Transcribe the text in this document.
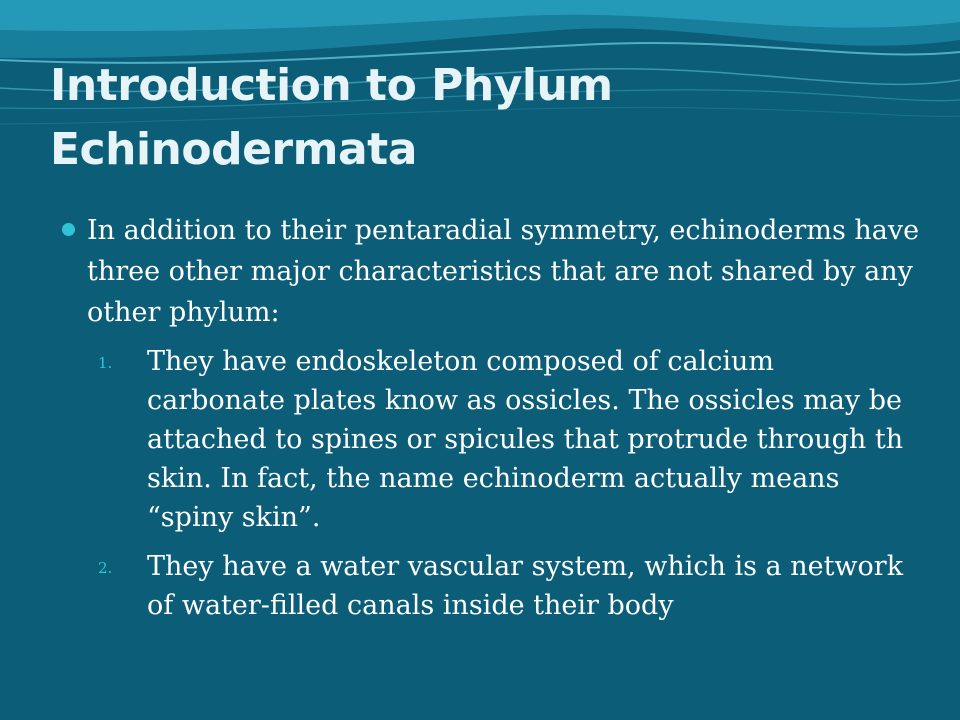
Introduction to Phylum
Echinodermata
In addition to their pentaradial symmetry, echinoderms have three other major characteristics that are not shared by any other phylum:
1. They have endoskeleton composed of calcium carbonate plates know as ossicles. The ossicles may be attached to spines or spicules that protrude through th skin. In fact, the name echinoderm actually means “spiny skin”.
2. They have a water vascular system, which is a network of water-filled canals inside their body
